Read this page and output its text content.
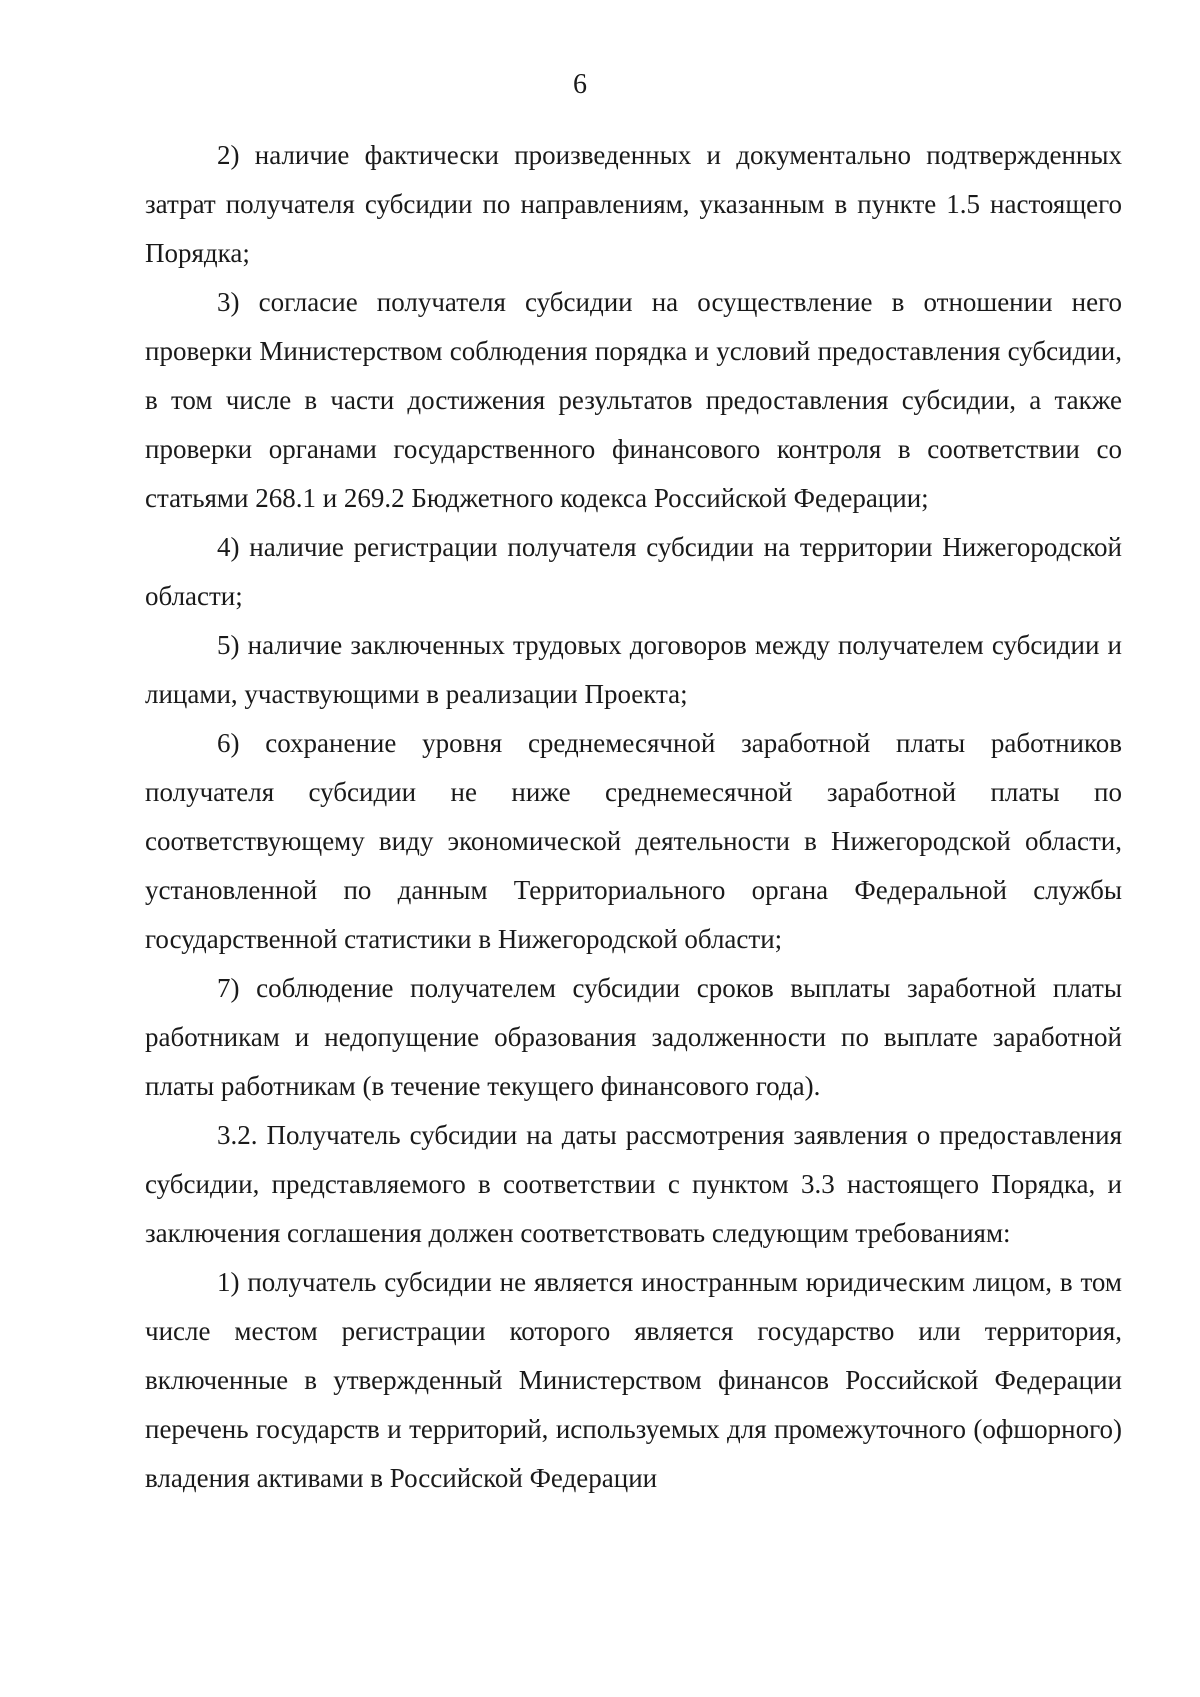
6

2) наличие фактически произведенных и документально подтвержденных затрат получателя субсидии по направлениям, указанным в пункте 1.5 настоящего Порядка;

3) согласие получателя субсидии на осуществление в отношении него проверки Министерством соблюдения порядка и условий предоставления субсидии, в том числе в части достижения результатов предоставления субсидии, а также проверки органами государственного финансового контроля в соответствии со статьями 268.1 и 269.2 Бюджетного кодекса Российской Федерации;

4) наличие регистрации получателя субсидии на территории Нижегородской области;

5) наличие заключенных трудовых договоров между получателем субсидии и лицами, участвующими в реализации Проекта;

6) сохранение уровня среднемесячной заработной платы работников получателя субсидии не ниже среднемесячной заработной платы по соответствующему виду экономической деятельности в Нижегородской области, установленной по данным Территориального органа Федеральной службы государственной статистики в Нижегородской области;

7) соблюдение получателем субсидии сроков выплаты заработной платы работникам и недопущение образования задолженности по выплате заработной платы работникам (в течение текущего финансового года).

3.2. Получатель субсидии на даты рассмотрения заявления о предоставления субсидии, представляемого в соответствии с пунктом 3.3 настоящего Порядка, и заключения соглашения должен соответствовать следующим требованиям:

1) получатель субсидии не является иностранным юридическим лицом, в том числе местом регистрации которого является государство или территория, включенные в утвержденный Министерством финансов Российской Федерации перечень государств и территорий, используемых для промежуточного (офшорного) владения активами в Российской Федерации
